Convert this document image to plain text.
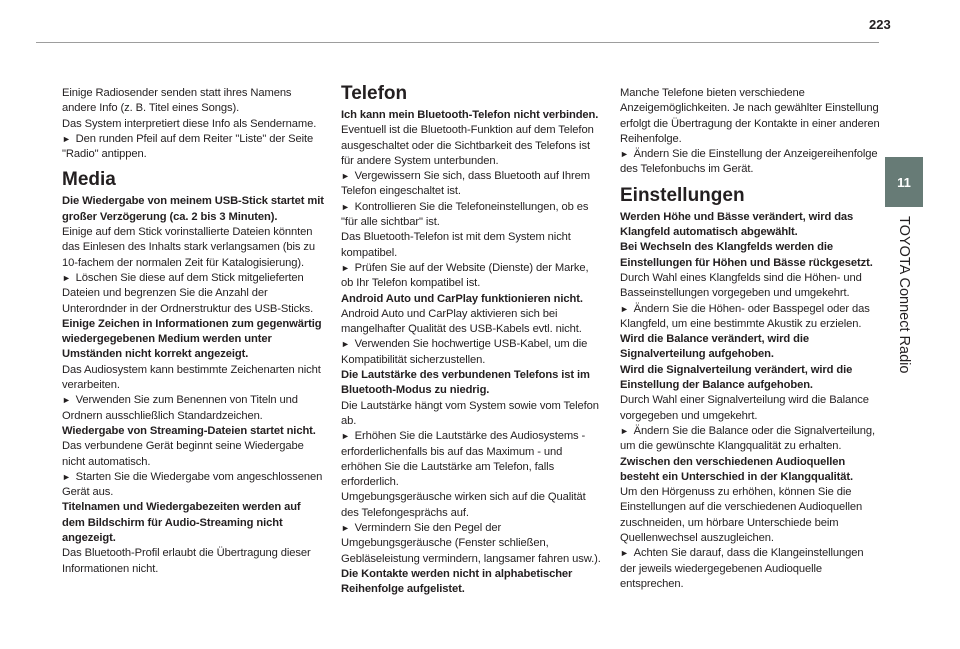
223
11
TOYOTA Connect Radio

Einige Radiosender senden statt ihres Namens andere Info (z. B. Titel eines Songs).

Das System interpretiert diese Info als Sendername.

►  Den runden Pfeil auf dem Reiter "Liste" der Seite "Radio" antippen.

Media

Die Wiedergabe von meinem USB-Stick startet mit großer Verzögerung (ca. 2 bis 3 Minuten).

Einige auf dem Stick vorinstallierte Dateien könnten das Einlesen des Inhalts stark verlangsamen (bis zu 10-fachem der normalen Zeit für Katalogisierung).

►  Löschen Sie diese auf dem Stick mitgelieferten Dateien und begrenzen Sie die Anzahl der Unterordnder in der Ordnerstruktur des USB-Sticks.

Einige Zeichen in Informationen zum gegenwärtig wiedergegebenen Medium werden unter Umständen nicht korrekt angezeigt.

Das Audiosystem kann bestimmte Zeichenarten nicht verarbeiten.

►  Verwenden Sie zum Benennen von Titeln und Ordnern ausschließlich Standardzeichen.

Wiedergabe von Streaming-Dateien startet nicht.

Das verbundene Gerät beginnt seine Wiedergabe nicht automatisch.

►  Starten Sie die Wiedergabe vom angeschlossenen Gerät aus.

Titelnamen und Wiedergabezeiten werden auf dem Bildschirm für Audio-Streaming nicht angezeigt.

Das Bluetooth-Profil erlaubt die Übertragung dieser Informationen nicht.

Telefon

Ich kann mein Bluetooth-Telefon nicht verbinden.

Eventuell ist die Bluetooth-Funktion auf dem Telefon ausgeschaltet oder die Sichtbarkeit des Telefons ist für andere System unterbunden.

►  Vergewissern Sie sich, dass Bluetooth auf Ihrem Telefon eingeschaltet ist.

►  Kontrollieren Sie die Telefoneinstellungen, ob es "für alle sichtbar" ist.

Das Bluetooth-Telefon ist mit dem System nicht kompatibel.

►  Prüfen Sie auf der Website (Dienste) der Marke, ob Ihr Telefon kompatibel ist.

Android Auto und CarPlay funktionieren nicht.

Android Auto und CarPlay aktivieren sich bei mangelhafter Qualität des USB-Kabels evtl. nicht.

►  Verwenden Sie hochwertige USB-Kabel, um die Kompatibilität sicherzustellen.

Die Lautstärke des verbundenen Telefons ist im Bluetooth-Modus zu niedrig.

Die Lautstärke hängt vom System sowie vom Telefon ab.

►  Erhöhen Sie die Lautstärke des Audiosystems - erforderlichenfalls bis auf das Maximum - und erhöhen Sie die Lautstärke am Telefon, falls erforderlich.

Umgebungsgeräusche wirken sich auf die Qualität des Telefongesprächs auf.

►  Vermindern Sie den Pegel der Umgebungsgeräusche (Fenster schließen, Gebläseleistung vermindern, langsamer fahren usw.).

Die Kontakte werden nicht in alphabetischer Reihenfolge aufgelistet.

Manche Telefone bieten verschiedene Anzeigemöglichkeiten. Je nach gewählter Einstellung erfolgt die Übertragung der Kontakte in einer anderen Reihenfolge.

►  Ändern Sie die Einstellung der Anzeigereihenfolge des Telefonbuchs im Gerät.

Einstellungen

Werden Höhe und Bässe verändert, wird das Klangfeld automatisch abgewählt.

Bei Wechseln des Klangfelds werden die Einstellungen für Höhen und Bässe rückgesetzt.

Durch Wahl eines Klangfelds sind die Höhen- und Basseinstellungen vorgegeben und umgekehrt.

►  Ändern Sie die Höhen- oder Basspegel oder das Klangfeld, um eine bestimmte Akustik zu erzielen.

Wird die Balance verändert, wird die Signalverteilung aufgehoben.

Wird die Signalverteilung verändert, wird die Einstellung der Balance aufgehoben.

Durch Wahl einer Signalverteilung wird die Balance vorgegeben und umgekehrt.

►  Ändern Sie die Balance oder die Signalverteilung, um die gewünschte Klangqualität zu erhalten.

Zwischen den verschiedenen Audioquellen besteht ein Unterschied in der Klangqualität.

Um den Hörgenuss zu erhöhen, können Sie die Einstellungen auf die verschiedenen Audioquellen zuschneiden, um hörbare Unterschiede beim Quellenwechsel auszugleichen.

►  Achten Sie darauf, dass die Klangeinstellungen der jeweils wiedergegebenen Audioquelle entsprechen.
